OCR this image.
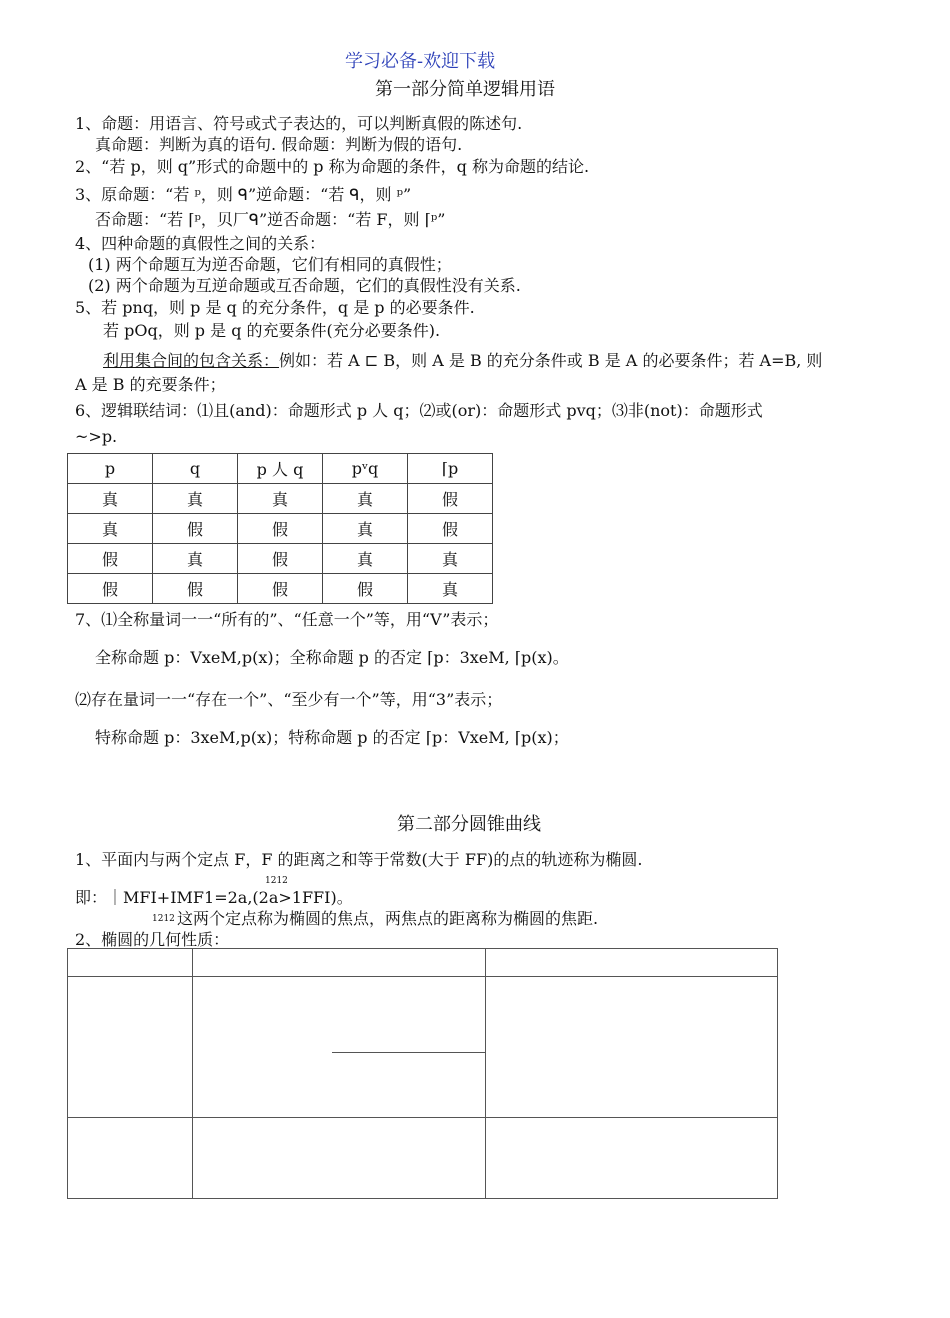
学习必备-欢迎下载
第一部分简单逻辑用语
1、命题：用语言、符号或式子表达的，可以判断真假的陈述句.
真命题：判断为真的语句. 假命题：判断为假的语句.
2、“若 p，则 q”形式的命题中的 p 称为命题的条件，q 称为命题的结论.
3、原命题：“若 ᵖ，则 ᑫ”逆命题：“若 ᑫ，则 ᵖ”
否命题：“若 ⌈ᵖ，贝厂ᑫ”逆否命题：“若 F，则 ⌈ᵖ”
4、四种命题的真假性之间的关系：
(1) 两个命题互为逆否命题，它们有相同的真假性；
(2) 两个命题为互逆命题或互否命题，它们的真假性没有关系.
5、若 pnq，则 p 是 q 的充分条件，q 是 p 的必要条件.
若 pOq，则 p 是 q 的充要条件(充分必要条件).
利用集合间的包含关系：例如：若 A ⊏ B，则 A 是 B 的充分条件或 B 是 A 的必要条件；若 A=B, 则
A 是 B 的充要条件；
6、逻辑联结词：⑴且(and)：命题形式 p 人 q；⑵或(or)：命题形式 pvq；⑶非(not)：命题形式
~>p.
p	q	p 人 q	pᵛq	⌈p
真	真	真	真	假
真	假	假	真	假
假	真	假	真	真
假	假	假	假	真
7、⑴全称量词一一“所有的”、“任意一个”等，用“V”表示；
全称命题 p：VxeM,p(x)；全称命题 p 的否定 ⌈p：3xeM, ⌈p(x)。
⑵存在量词一一“存在一个”、“至少有一个”等，用“3”表示；
特称命题 p：3xeM,p(x)；特称命题 p 的否定 ⌈p：VxeM, ⌈p(x)；
第二部分圆锥曲线
1、平面内与两个定点 F，F 的距离之和等于常数(大于 FF)的点的轨迹称为椭圆.
1212
即：｜MFI+IMF1=2a,(2a>1FFI)。
1212 这两个定点称为椭圆的焦点，两焦点的距离称为椭圆的焦距.
2、椭圆的几何性质：
